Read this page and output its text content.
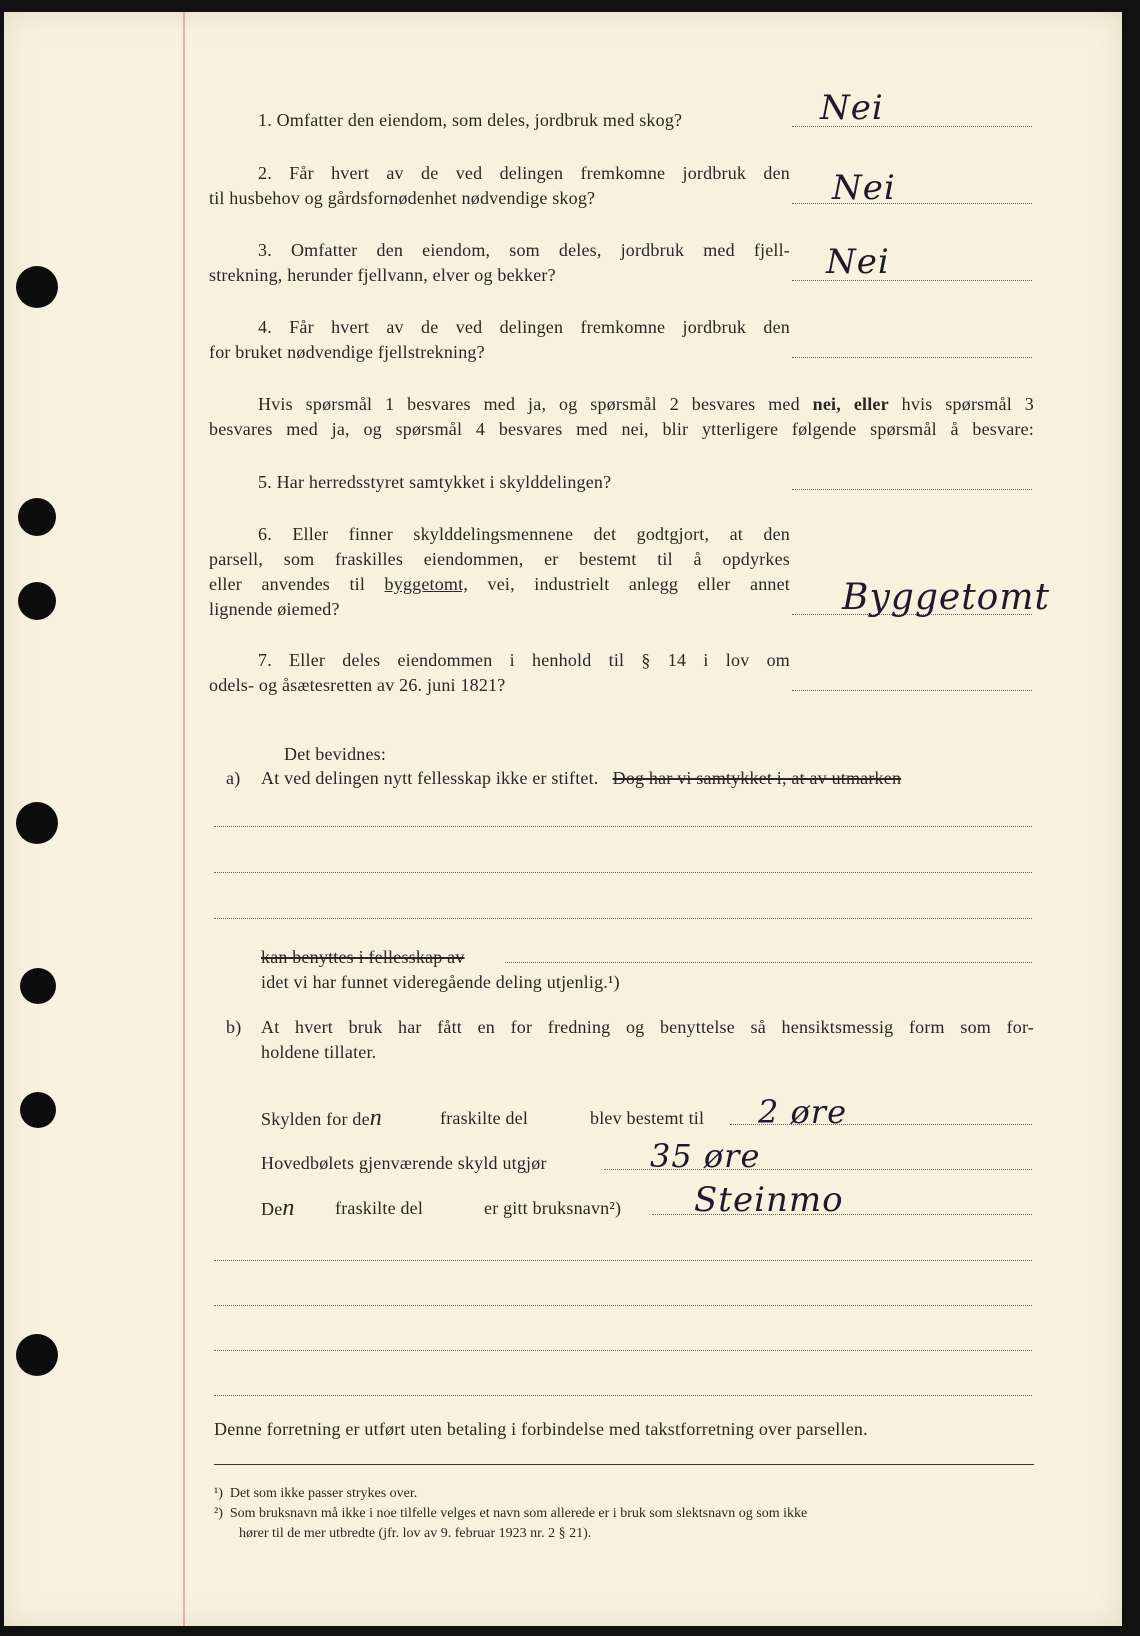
1. Omfatter den eiendom, som deles, jordbruk med skog?	Nei
2. Får hvert av de ved delingen fremkomne jordbruk den
til husbehov og gårdsfornødenhet nødvendige skog?	Nei
3. Omfatter den eiendom, som deles, jordbruk med fjell-
strekning, herunder fjellvann, elver og bekker?	Nei
4. Får hvert av de ved delingen fremkomne jordbruk den
for bruket nødvendige fjellstrekning?
Hvis spørsmål 1 besvares med ja, og spørsmål 2 besvares med nei, eller hvis spørsmål 3
besvares med ja, og spørsmål 4 besvares med nei, blir ytterligere følgende spørsmål å besvare:
5. Har herredsstyret samtykket i skylddelingen?
6. Eller finner skylddelingsmennene det godtgjort, at den
parsell, som fraskilles eiendommen, er bestemt til å opdyrkes
eller anvendes til byggetomt, vei, industrielt anlegg eller annet
lignende øiemed?	Byggetomt
7. Eller deles eiendommen i henhold til § 14 i lov om
odels- og åsætesretten av 26. juni 1821?
Det bevidnes:
a) At ved delingen nytt fellesskap ikke er stiftet. Dog har vi samtykket i, at av utmarken
kan benyttes i fellesskap av
idet vi har funnet videregående deling utjenlig.¹)
b) At hvert bruk har fått en for fredning og benyttelse så hensiktsmessig form som for-
holdene tillater.
Skylden for den	fraskilte del	blev bestemt til 2 øre
Hovedbølets gjenværende skyld utgjør	35 øre
Den fraskilte del	er gitt bruksnavn²) Steinmo
Denne forretning er utført uten betaling i forbindelse med takstforretning over parsellen.
¹) Det som ikke passer strykes over.
²) Som bruksnavn må ikke i noe tilfelle velges et navn som allerede er i bruk som slektsnavn og som ikke
hører til de mer utbredte (jfr. lov av 9. februar 1923 nr. 2 § 21).
